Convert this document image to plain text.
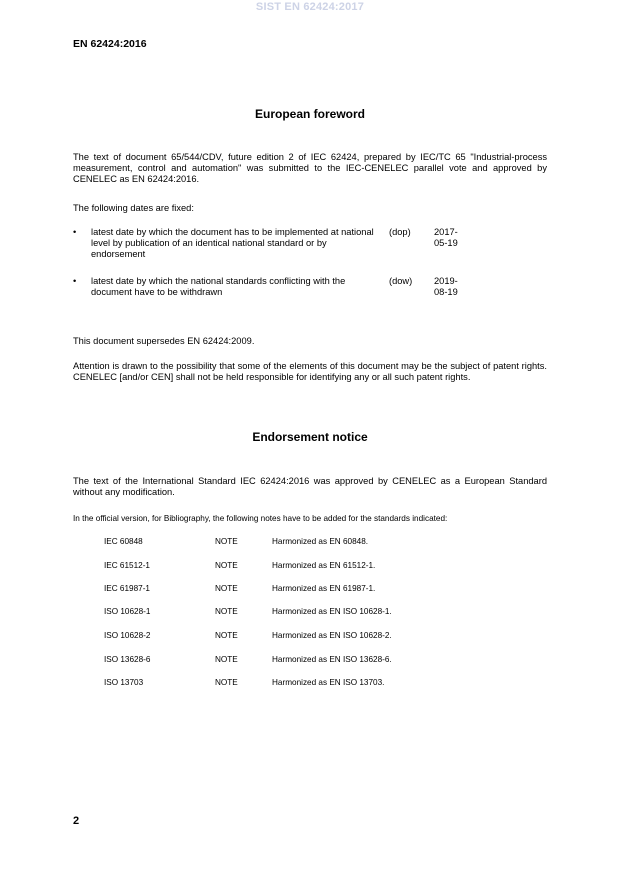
SIST EN 62424:2017
EN 62424:2016
European foreword

The text of document 65/544/CDV, future edition 2 of IEC 62424, prepared by IEC/TC 65 "Industrial-process measurement, control and automation" was submitted to the IEC-CENELEC parallel vote and approved by CENELEC as EN 62424:2016.

The following dates are fixed:

• latest date by which the document has to be implemented at national level by publication of an identical national standard or by endorsement
(dop)	2017-05-19
• latest date by which the national standards conflicting with the document have to be withdrawn
(dow) 2019-08-19

This document supersedes EN 62424:2009.

Attention is drawn to the possibility that some of the elements of this document may be the subject of patent rights. CENELEC [and/or CEN] shall not be held responsible for identifying any or all such patent rights.

Endorsement notice

The text of the International Standard IEC 62424:2016 was approved by CENELEC as a European Standard without any modification.

In the official version, for Bibliography, the following notes have to be added for the standards indicated:

IEC 60848	NOTE	Harmonized as EN 60848.
IEC 61512-1	NOTE	Harmonized as EN 61512-1.
IEC 61987-1	NOTE	Harmonized as EN 61987-1.
ISO 10628-1	NOTE	Harmonized as EN ISO 10628-1.
ISO 10628-2	NOTE	Harmonized as EN ISO 10628-2.
ISO 13628-6	NOTE	Harmonized as EN ISO 13628-6.
ISO 13703	NOTE	Harmonized as EN ISO 13703.
2
